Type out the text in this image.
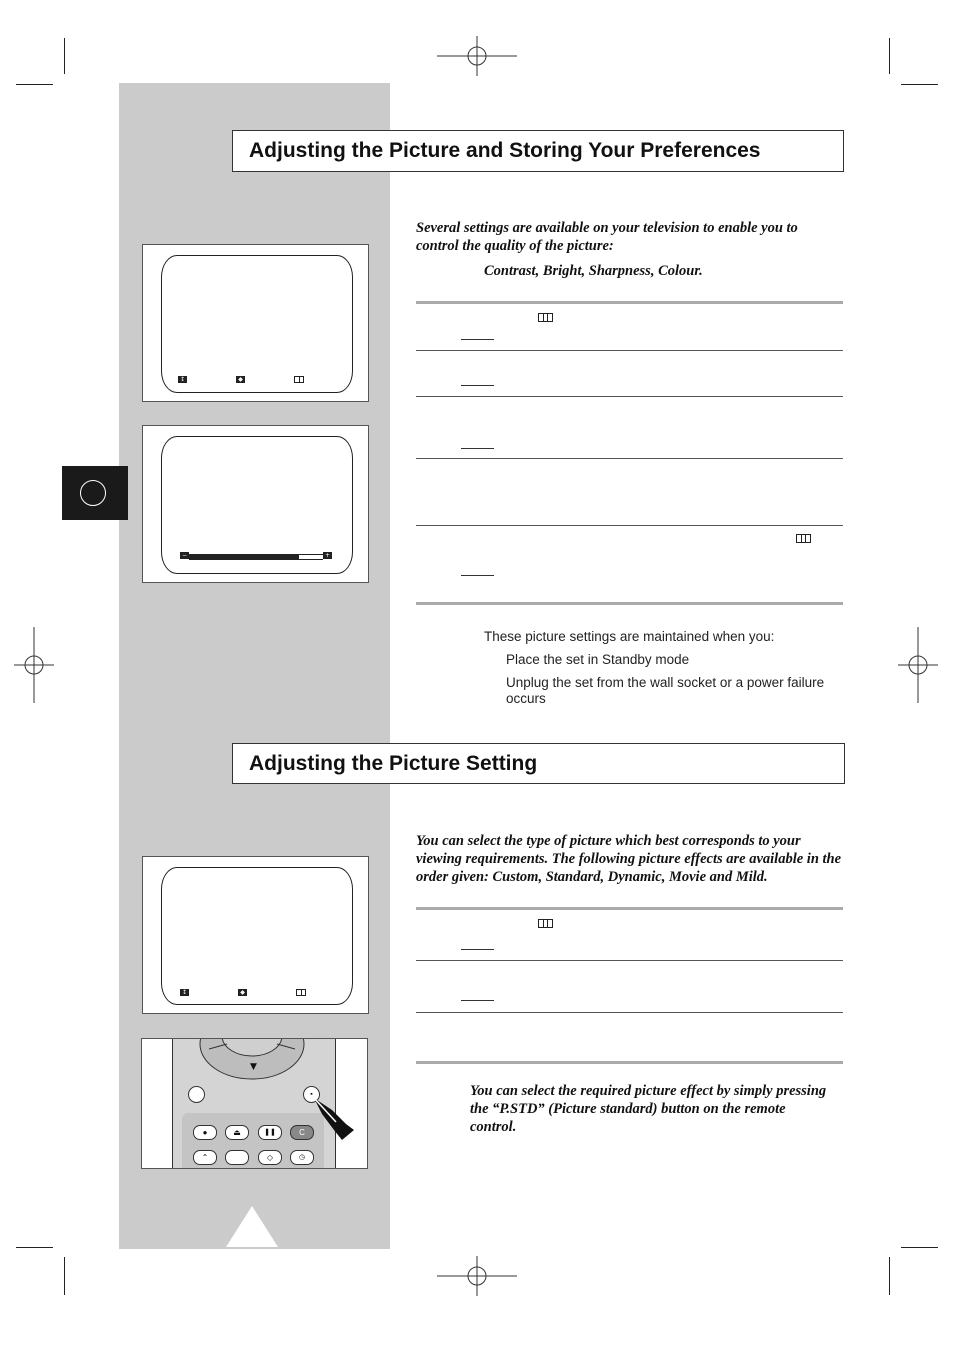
Adjusting the Picture and Storing Your Preferences
↕	◆
−	+
Several settings are available on your television to enable you to control the quality of the picture:
Contrast, Bright, Sharpness, Colour.
These picture settings are maintained when you:
Place the set in Standby mode
Unplug the set from the wall socket or a power failure occurs
Adjusting the Picture Setting
↕	◆
▼
▪
●	⏏	❚❚	C
⌃	◇	◷
You can select the type of picture which best corresponds to your viewing requirements. The following picture effects are available in the order given: Custom, Standard, Dynamic, Movie and Mild.
You can select the required picture effect by simply pressing the “P.STD” (Picture standard) button on the remote control.
